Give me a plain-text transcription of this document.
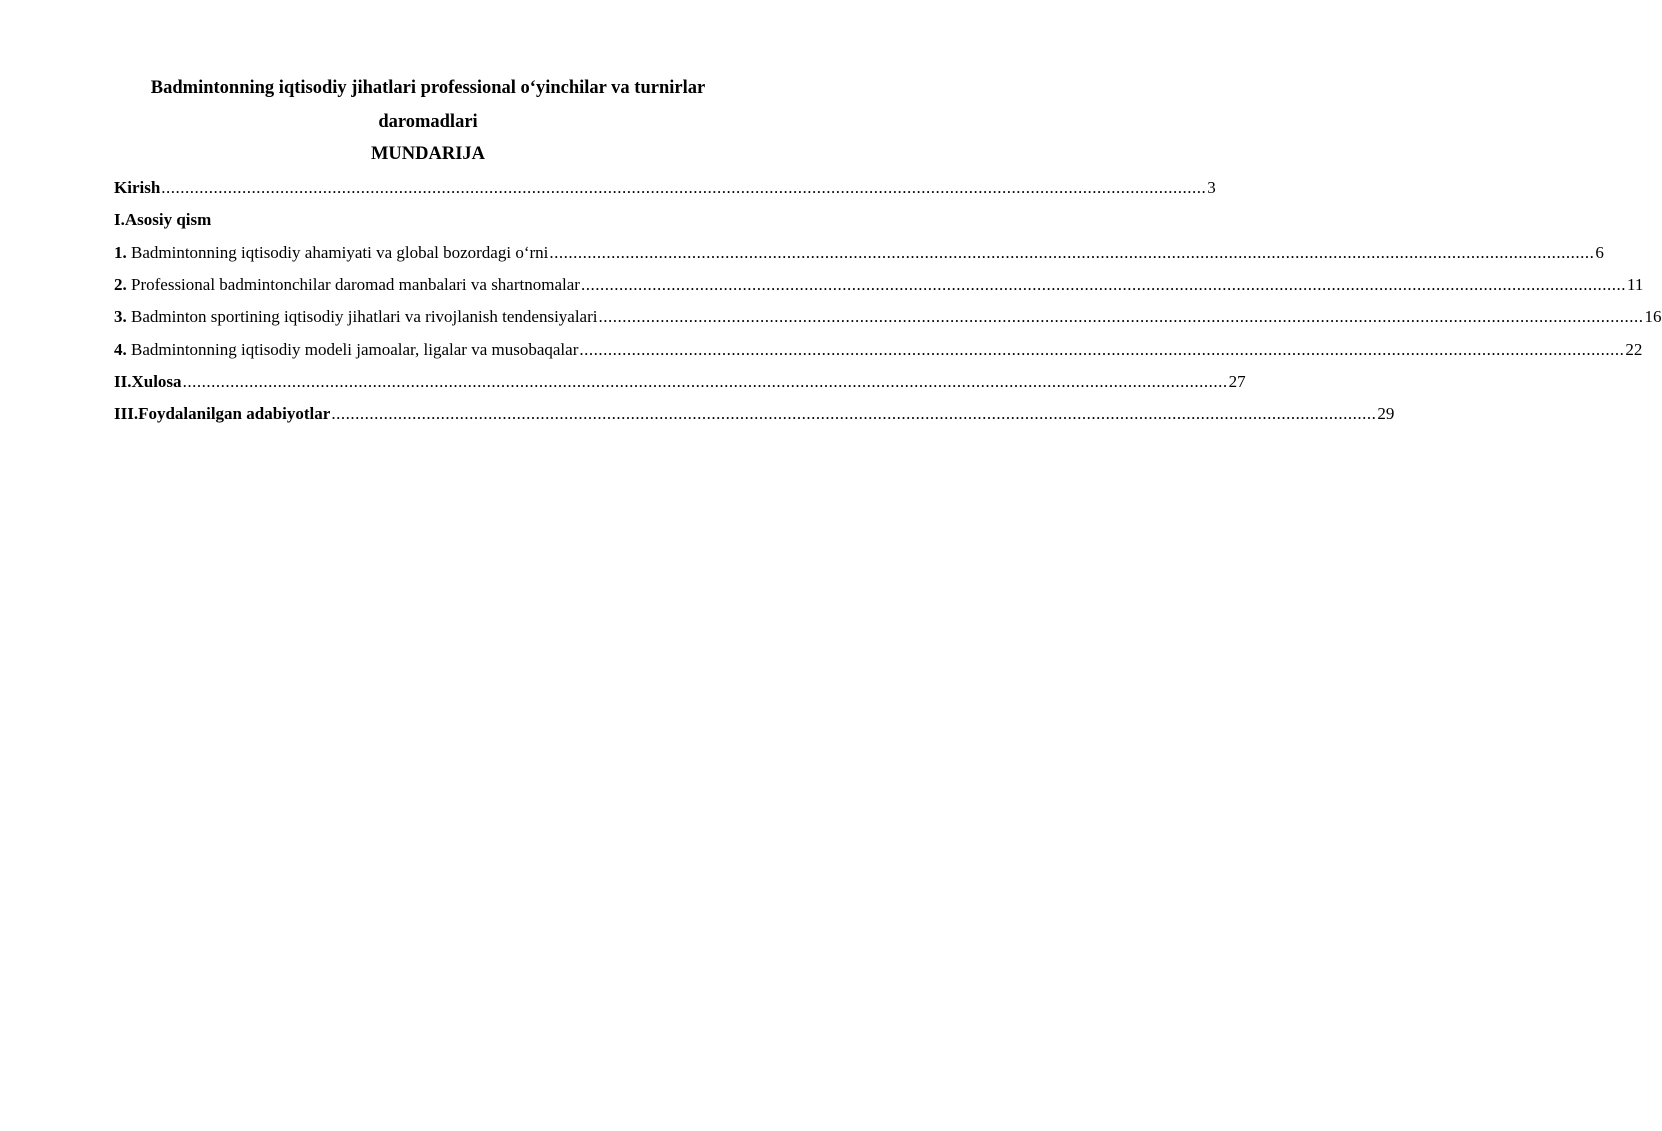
Badmintonning iqtisodiy jihatlari professional o‘yinchilar va turnirlar

daromadlari

MUNDARIJA

Kirish ............................................................................................................................................................................................................................ 3
I.Asosiy qism
1. Badmintonning iqtisodiy ahamiyati va global bozordagi o‘rni ............................................................................................................................................................................................................................ 6
2. Professional badmintonchilar daromad manbalari va shartnomalar ............................................................................................................................................................................................................................ 11
3. Badminton sportining iqtisodiy jihatlari va rivojlanish tendensiyalari ............................................................................................................................................................................................................................ 16
4. Badmintonning iqtisodiy modeli jamoalar, ligalar va musobaqalar ............................................................................................................................................................................................................................ 22
II.Xulosa ............................................................................................................................................................................................................................ 27
III.Foydalanilgan adabiyotlar ............................................................................................................................................................................................................................ 29
